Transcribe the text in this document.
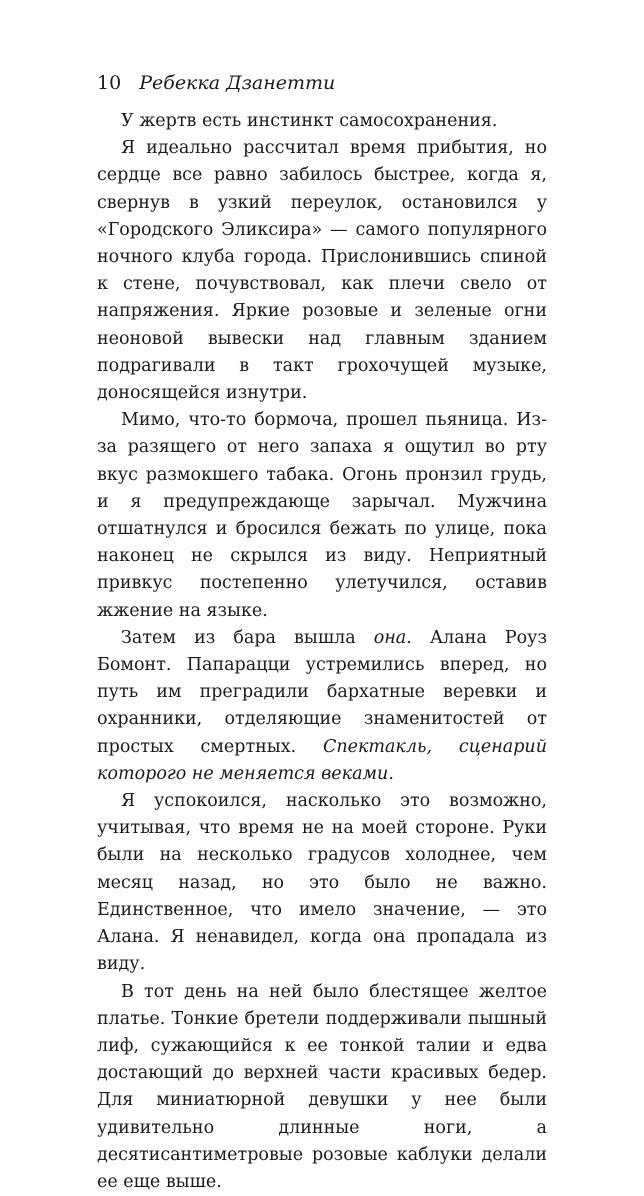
10 Ребекка Дзанетти

У жертв есть инстинкт самосохранения.

Я идеально рассчитал время прибытия, но сердце все равно забилось быстрее, когда я, свернув в узкий переулок, остановился у «Городского Эликсира» — самого популярного ночного клуба города. Прислонившись спиной к стене, почувствовал, как плечи свело от напряжения. Яркие розовые и зеленые огни неоновой вывески над главным зданием подрагивали в такт грохочущей музыке, доносящейся изнутри.

Мимо, что-то бормоча, прошел пьяница. Из-за разящего от него запаха я ощутил во рту вкус размокшего табака. Огонь пронзил грудь, и я предупреждающе зарычал. Мужчина отшатнулся и бросился бежать по улице, пока наконец не скрылся из виду. Неприятный привкус постепенно улетучился, оставив жжение на языке.

Затем из бара вышла она. Алана Роуз Бомонт. Папарацци устремились вперед, но путь им преградили бархатные веревки и охранники, отделяющие знаменитостей от простых смертных. Спектакль, сценарий которого не меняется веками.

Я успокоился, насколько это возможно, учитывая, что время не на моей стороне. Руки были на несколько градусов холоднее, чем месяц назад, но это было не важно. Единственное, что имело значение, — это Алана. Я ненавидел, когда она пропадала из виду.

В тот день на ней было блестящее желтое платье. Тонкие бретели поддерживали пышный лиф, сужающийся к ее тонкой талии и едва достающий до верхней части красивых бедер. Для миниатюрной девушки у нее были удивительно длинные ноги, а десятисантиметровые розовые каблуки делали ее еще выше.
